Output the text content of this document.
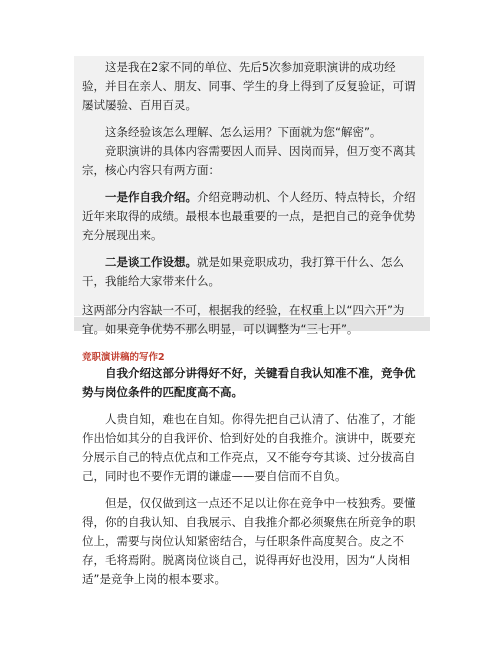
这是我在2家不同的单位、先后5次参加竞职演讲的成功经验，并目在亲人、朋友、同事、学生的身上得到了反复验证，可谓屡试屡验、百用百灵。

这条经验该怎么理解、怎么运用？下面就为您“解密”。

竞职演讲的具体内容需要因人而异、因岗而异，但万变不离其宗，核心内容只有两方面：

一是作自我介绍。介绍竞聘动机、个人经历、特点特长，介绍近年来取得的成绩。最根本也最重要的一点，是把自己的竞争优势充分展现出来。

二是谈工作设想。就是如果竞职成功，我打算干什么、怎么干，我能给大家带来什么。

这两部分内容缺一不可，根据我的经验，在权重上以“四六开”为宜。如果竞争优势不那么明显，可以调整为“三七开”。

竞职演讲稿的写作2

自我介绍这部分讲得好不好，关键看自我认知准不准，竞争优势与岗位条件的匹配度高不高。

人贵自知，难也在自知。你得先把自己认清了、估准了，才能作出恰如其分的自我评价、恰到好处的自我推介。演讲中，既要充分展示自己的特点优点和工作亮点，又不能夸夸其谈、过分拔高自己，同时也不要作无谓的谦虚——要自信而不自负。

但是，仅仅做到这一点还不足以让你在竞争中一枝独秀。要懂得，你的自我认知、自我展示、自我推介都必须聚焦在所竞争的职位上，需要与岗位认知紧密结合，与任职条件高度契合。皮之不存，毛将焉附。脱离岗位谈自己，说得再好也没用，因为“人岗相适”是竞争上岗的根本要求。
